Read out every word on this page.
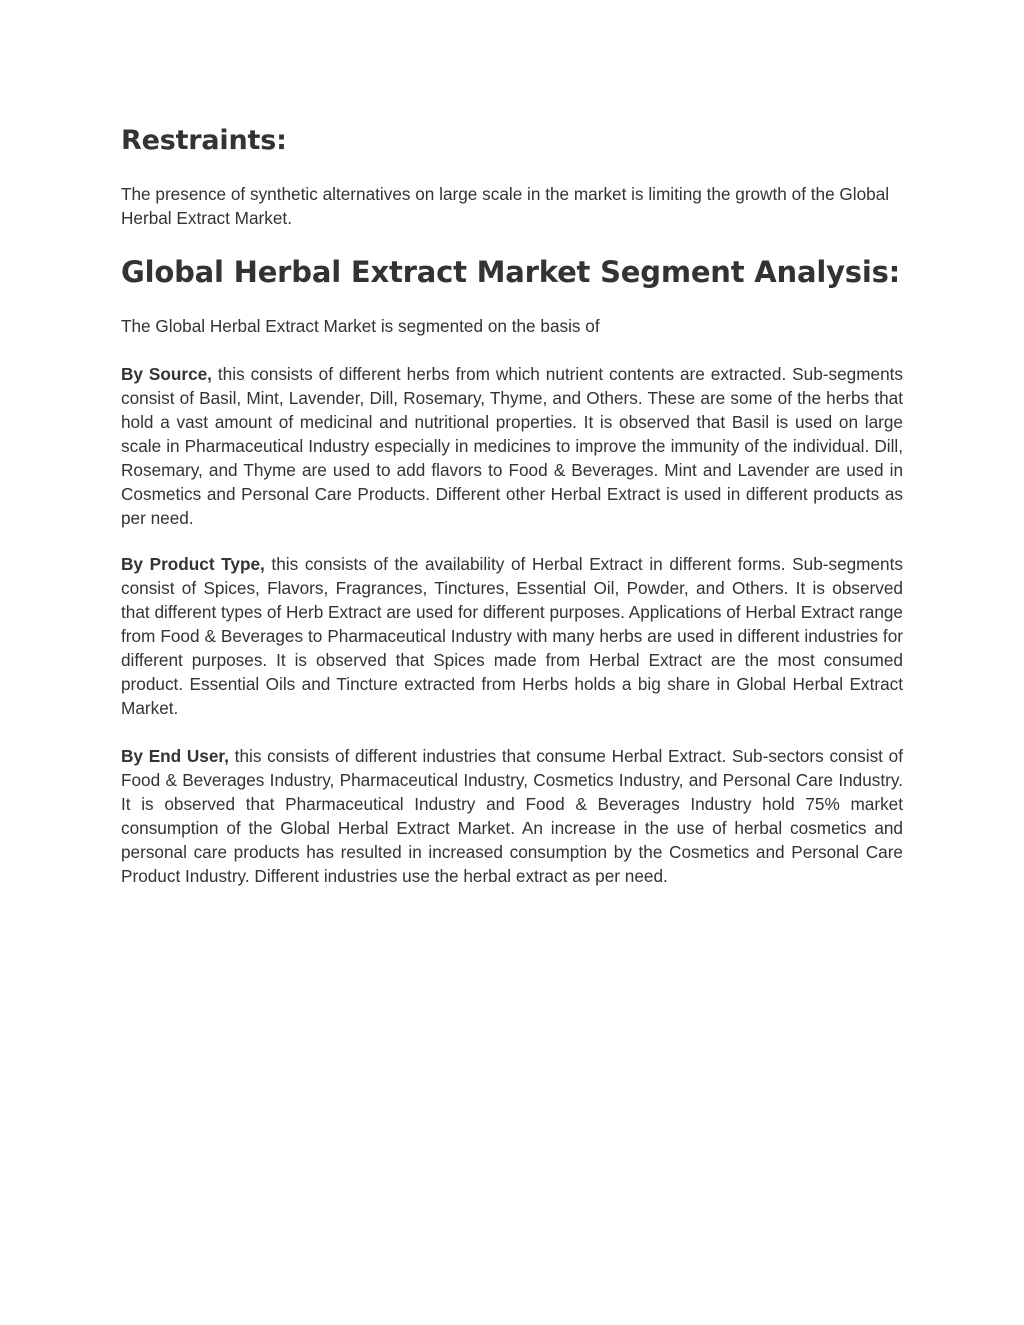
Restraints:

The presence of synthetic alternatives on large scale in the market is limiting the growth of the Global Herbal Extract Market.

Global Herbal Extract Market Segment Analysis:

The Global Herbal Extract Market is segmented on the basis of

By Source, this consists of different herbs from which nutrient contents are extracted. Sub-segments consist of Basil, Mint, Lavender, Dill, Rosemary, Thyme, and Others. These are some of the herbs that hold a vast amount of medicinal and nutritional properties. It is observed that Basil is used on large scale in Pharmaceutical Industry especially in medicines to improve the immunity of the individual. Dill, Rosemary, and Thyme are used to add flavors to Food & Beverages. Mint and Lavender are used in Cosmetics and Personal Care Products. Different other Herbal Extract is used in different products as per need.

By Product Type, this consists of the availability of Herbal Extract in different forms. Sub-segments consist of Spices, Flavors, Fragrances, Tinctures, Essential Oil, Powder, and Others. It is observed that different types of Herb Extract are used for different purposes. Applications of Herbal Extract range from Food & Beverages to Pharmaceutical Industry with many herbs are used in different industries for different purposes. It is observed that Spices made from Herbal Extract are the most consumed product. Essential Oils and Tincture extracted from Herbs holds a big share in Global Herbal Extract Market.

By End User, this consists of different industries that consume Herbal Extract. Sub-sectors consist of Food & Beverages Industry, Pharmaceutical Industry, Cosmetics Industry, and Personal Care Industry. It is observed that Pharmaceutical Industry and Food & Beverages Industry hold 75% market consumption of the Global Herbal Extract Market. An increase in the use of herbal cosmetics and personal care products has resulted in increased consumption by the Cosmetics and Personal Care Product Industry. Different industries use the herbal extract as per need.
